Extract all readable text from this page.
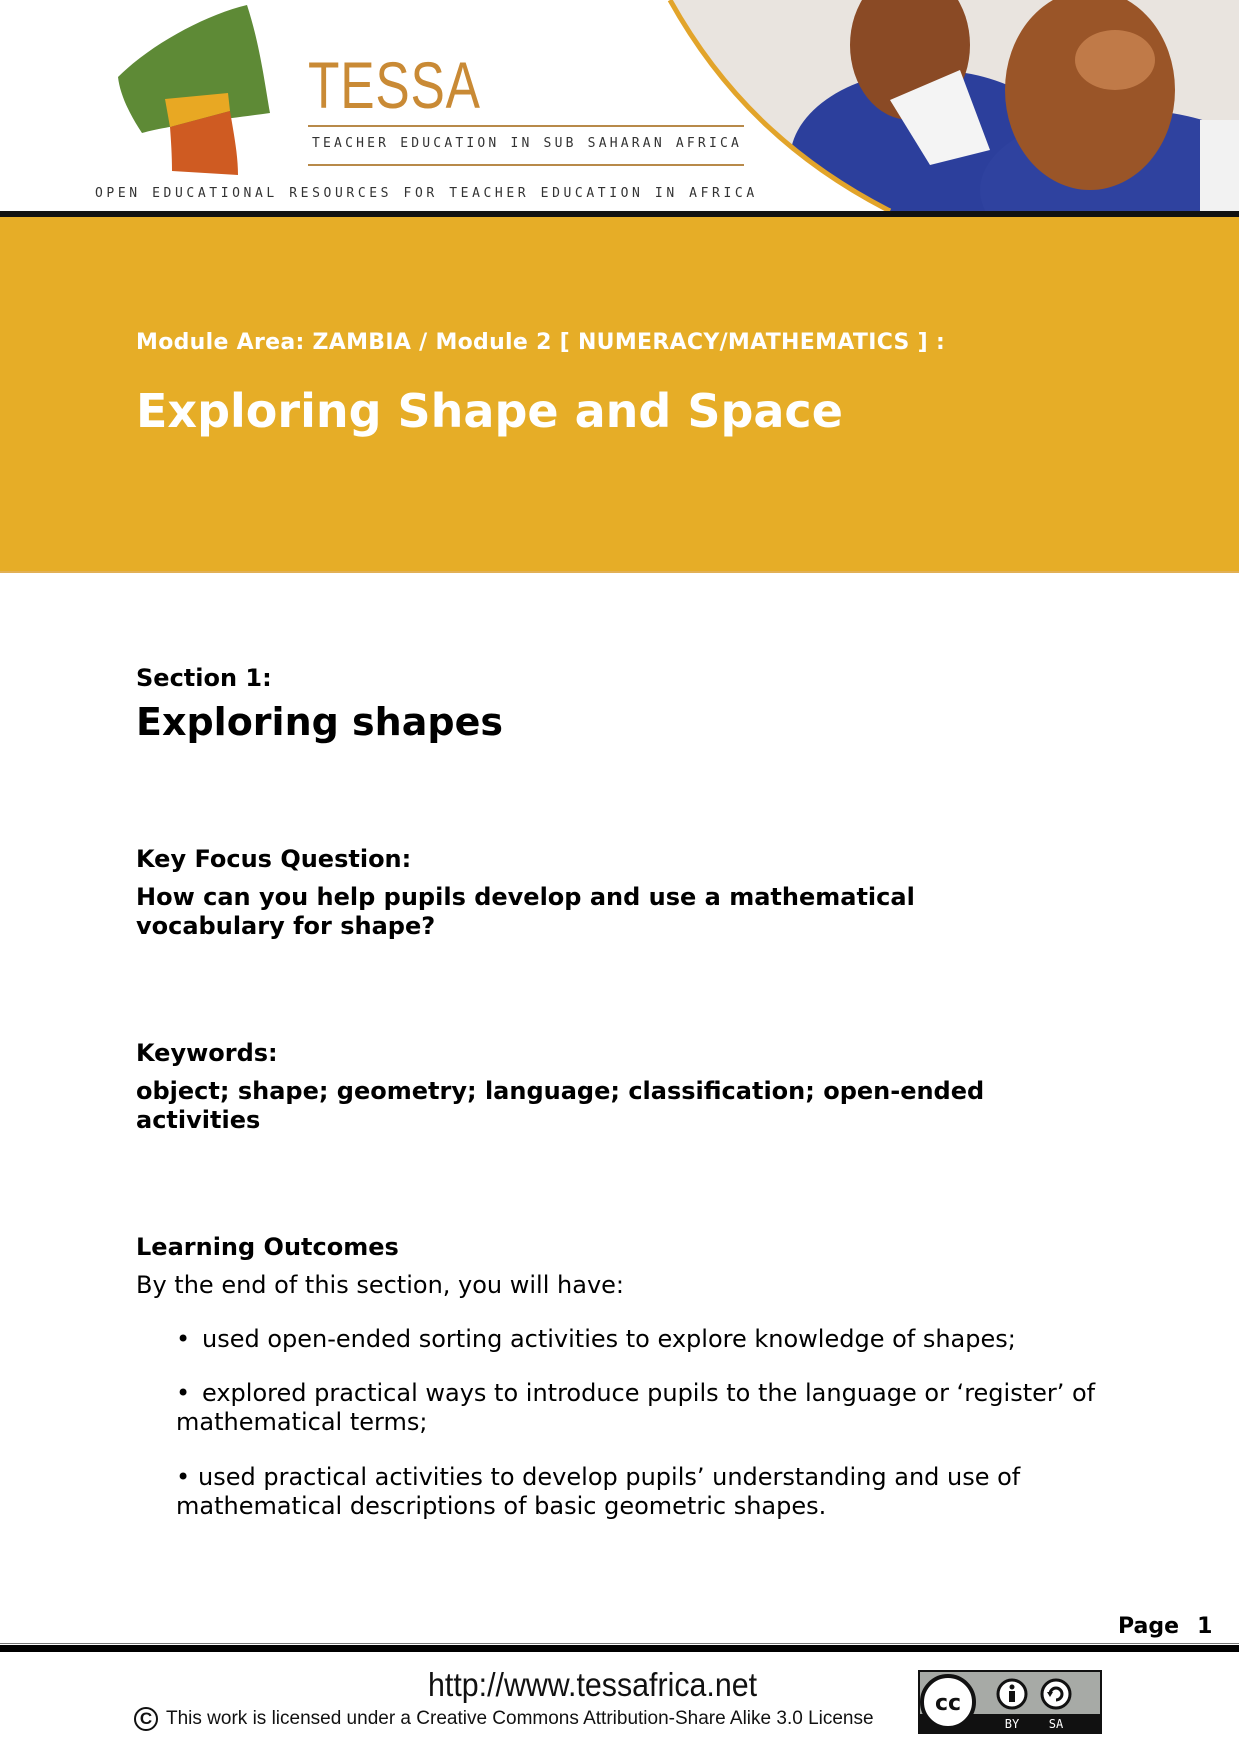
TESSA
TEACHER EDUCATION IN SUB SAHARAN AFRICA
OPEN EDUCATIONAL RESOURCES FOR TEACHER EDUCATION IN AFRICA
Module Area: ZAMBIA / Module 2 [ NUMERACY/MATHEMATICS ] :
Exploring Shape and Space
Section 1:
Exploring shapes
Key Focus Question:
How can you help pupils develop and use a mathematical vocabulary for shape?
Keywords:
object; shape; geometry; language; classification; open-ended activities
Learning Outcomes
By the end of this section, you will have:
• used open-ended sorting activities to explore knowledge of shapes;
• explored practical ways to introduce pupils to the language or ‘register’ of mathematical terms;
• used practical activities to develop pupils’ understanding and use of mathematical descriptions of basic geometric shapes.
Page 1
http://www.tessafrica.net
C This work is licensed under a Creative Commons Attribution-Share Alike 3.0 License
cc
BY SA
